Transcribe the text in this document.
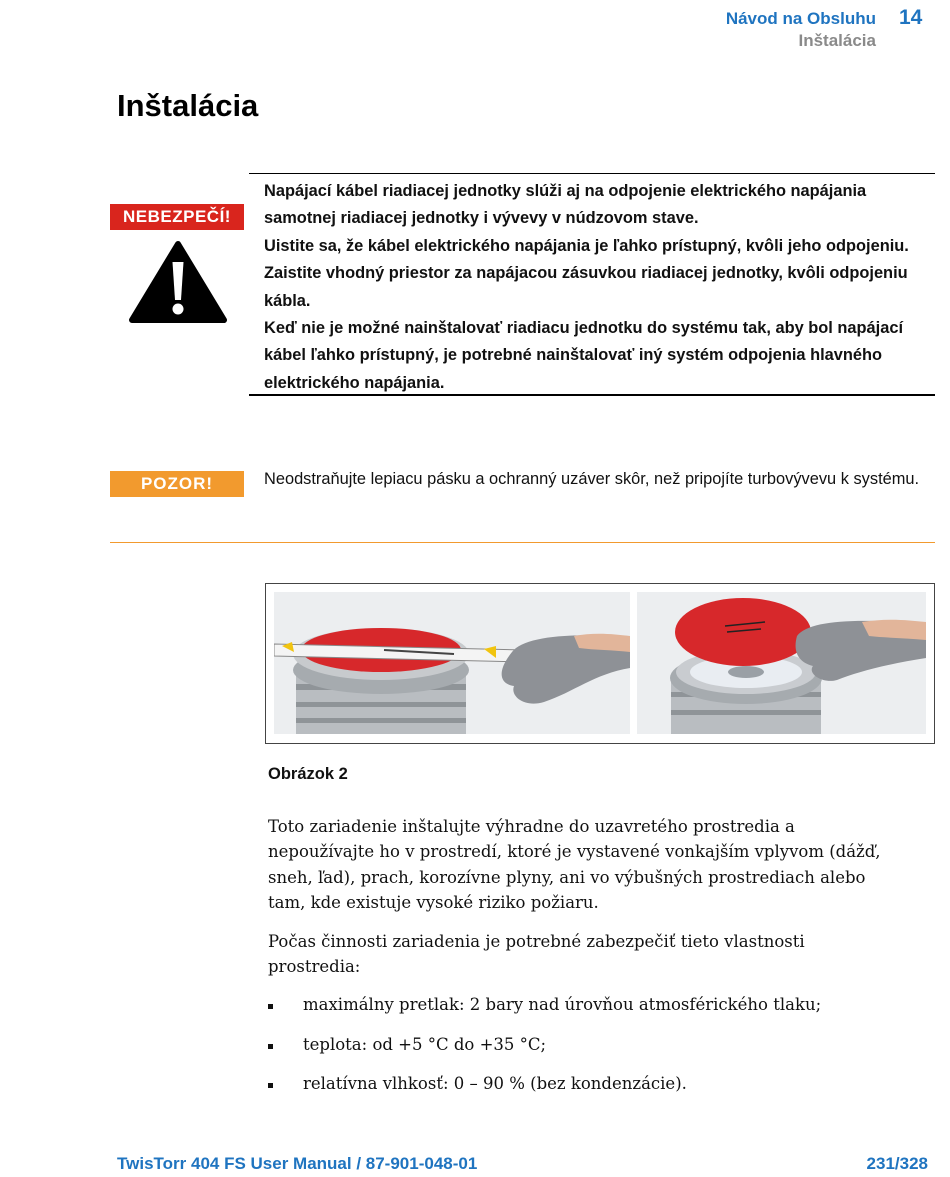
Návod na Obsluhu
Inštalácia
14
Inštalácia
NEBEZPEČÍ!

Napájací kábel riadiacej jednotky slúži aj na odpojenie elektrického napájania samotnej riadiacej jednotky i vývevy v núdzovom stave.

Uistite sa, že kábel elektrického napájania je ľahko prístupný, kvôli jeho odpojeniu. Zaistite vhodný priestor za napájacou zásuvkou riadiacej jednotky, kvôli odpojeniu kábla.

Keď nie je možné nainštalovať riadiacu jednotku do systému tak, aby bol napájací kábel ľahko prístupný, je potrebné nainštalovať iný systém odpojenia hlavného elektrického napájania.

POZOR!	Neodstraňujte lepiacu pásku a ochranný uzáver skôr, než pripojíte turbovývevu k systému.
Obrázok 2

Toto zariadenie inštalujte výhradne do uzavretého prostredia a nepoužívajte ho v prostredí, ktoré je vystavené vonkajším vplyvom (dážď, sneh, ľad), prach, korozívne plyny, ani vo výbušných prostrediach alebo tam, kde existuje vysoké riziko požiaru.

Počas činnosti zariadenia je potrebné zabezpečiť tieto vlastnosti prostredia:

maximálny pretlak: 2 bary nad úrovňou atmosférického tlaku;
teplota: od +5 °C do +35 °C;
relatívna vlhkosť: 0 – 90 % (bez kondenzácie).
TwisTorr 404 FS User Manual / 87-901-048-01	231/328
